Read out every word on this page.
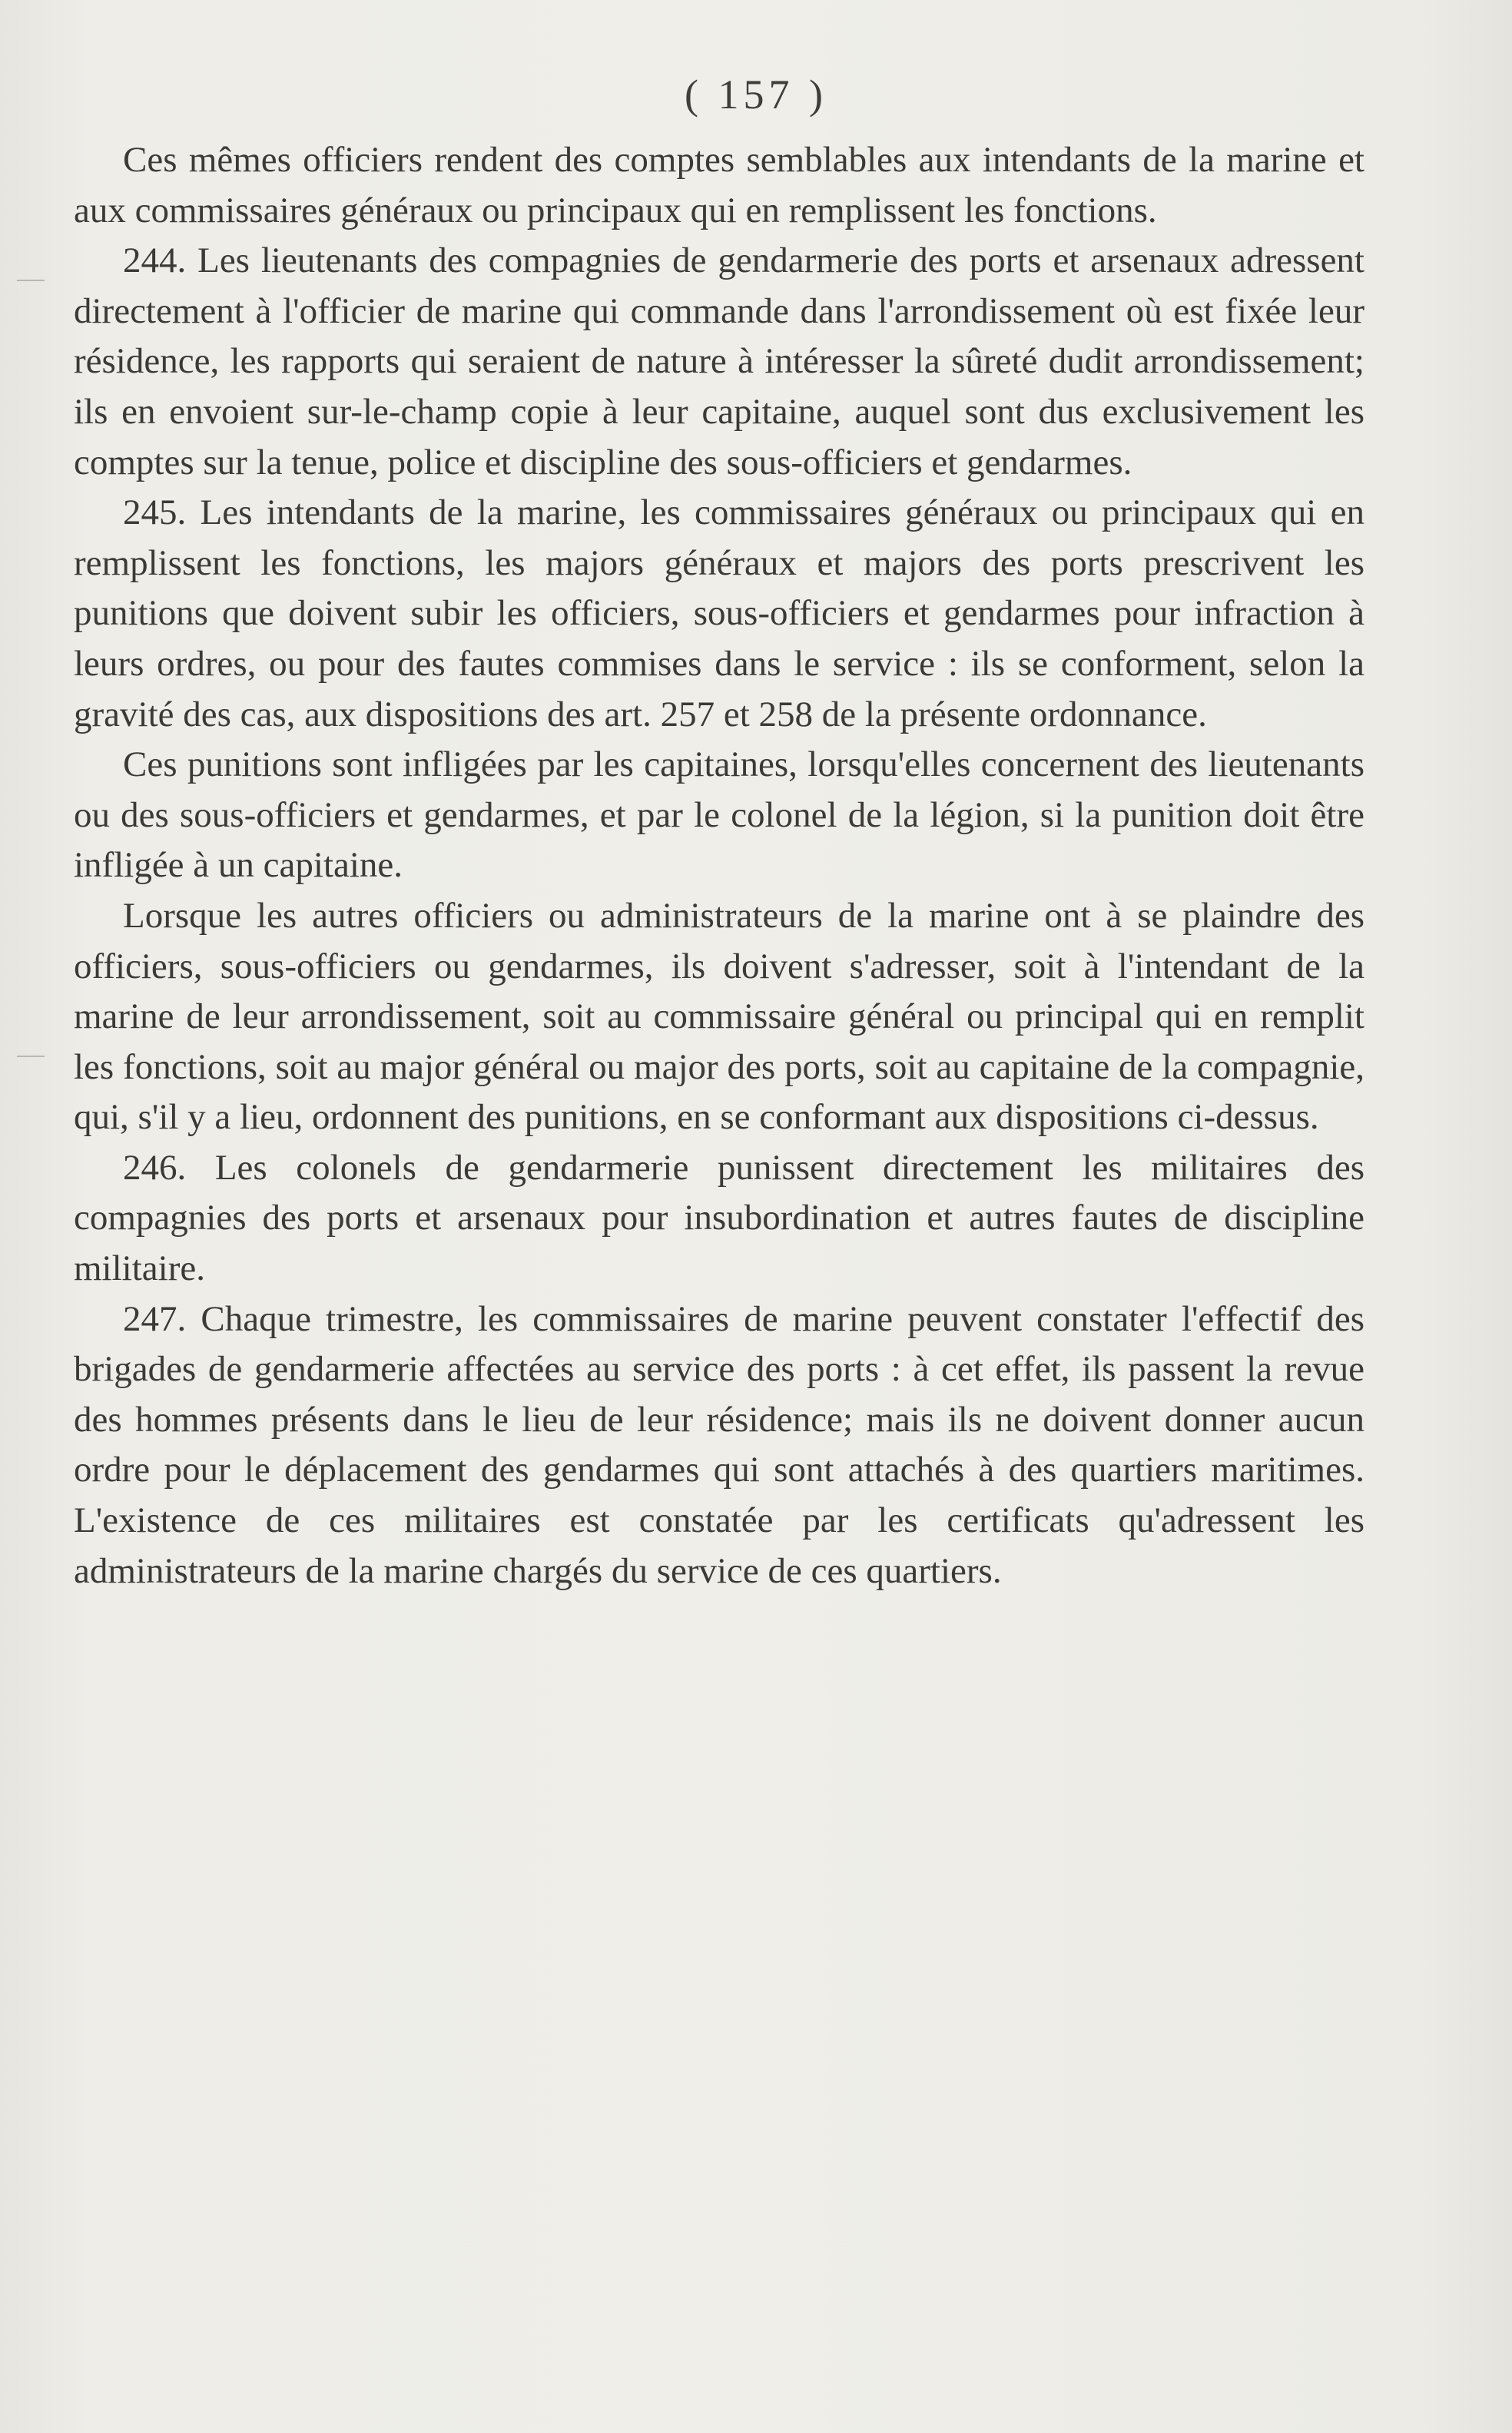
( 157 )

Ces mêmes officiers rendent des comptes semblables aux intendants de la marine et aux commissaires généraux ou principaux qui en remplissent les fonctions.

244. Les lieutenants des compagnies de gendarmerie des ports et arsenaux adressent directement à l'officier de marine qui commande dans l'arrondissement où est fixée leur résidence, les rapports qui seraient de nature à intéresser la sûreté dudit arrondissement; ils en envoient sur-le-champ copie à leur capitaine, auquel sont dus exclusivement les comptes sur la tenue, police et discipline des sous-officiers et gendarmes.

245. Les intendants de la marine, les commissaires généraux ou principaux qui en remplissent les fonctions, les majors généraux et majors des ports prescrivent les punitions que doivent subir les officiers, sous-officiers et gendarmes pour infraction à leurs ordres, ou pour des fautes commises dans le service : ils se conforment, selon la gravité des cas, aux dispositions des art. 257 et 258 de la présente ordonnance.

Ces punitions sont infligées par les capitaines, lorsqu'elles concernent des lieutenants ou des sous-officiers et gendarmes, et par le colonel de la légion, si la punition doit être infligée à un capitaine.

Lorsque les autres officiers ou administrateurs de la marine ont à se plaindre des officiers, sous-officiers ou gendarmes, ils doivent s'adresser, soit à l'intendant de la marine de leur arrondissement, soit au commissaire général ou principal qui en remplit les fonctions, soit au major général ou major des ports, soit au capitaine de la compagnie, qui, s'il y a lieu, ordonnent des punitions, en se conformant aux dispositions ci-dessus.

246. Les colonels de gendarmerie punissent directement les militaires des compagnies des ports et arsenaux pour insubordination et autres fautes de discipline militaire.

247. Chaque trimestre, les commissaires de marine peuvent constater l'effectif des brigades de gendarmerie affectées au service des ports : à cet effet, ils passent la revue des hommes présents dans le lieu de leur résidence; mais ils ne doivent donner aucun ordre pour le déplacement des gendarmes qui sont attachés à des quartiers maritimes. L'existence de ces militaires est constatée par les certificats qu'adressent les administrateurs de la marine chargés du service de ces quartiers.
